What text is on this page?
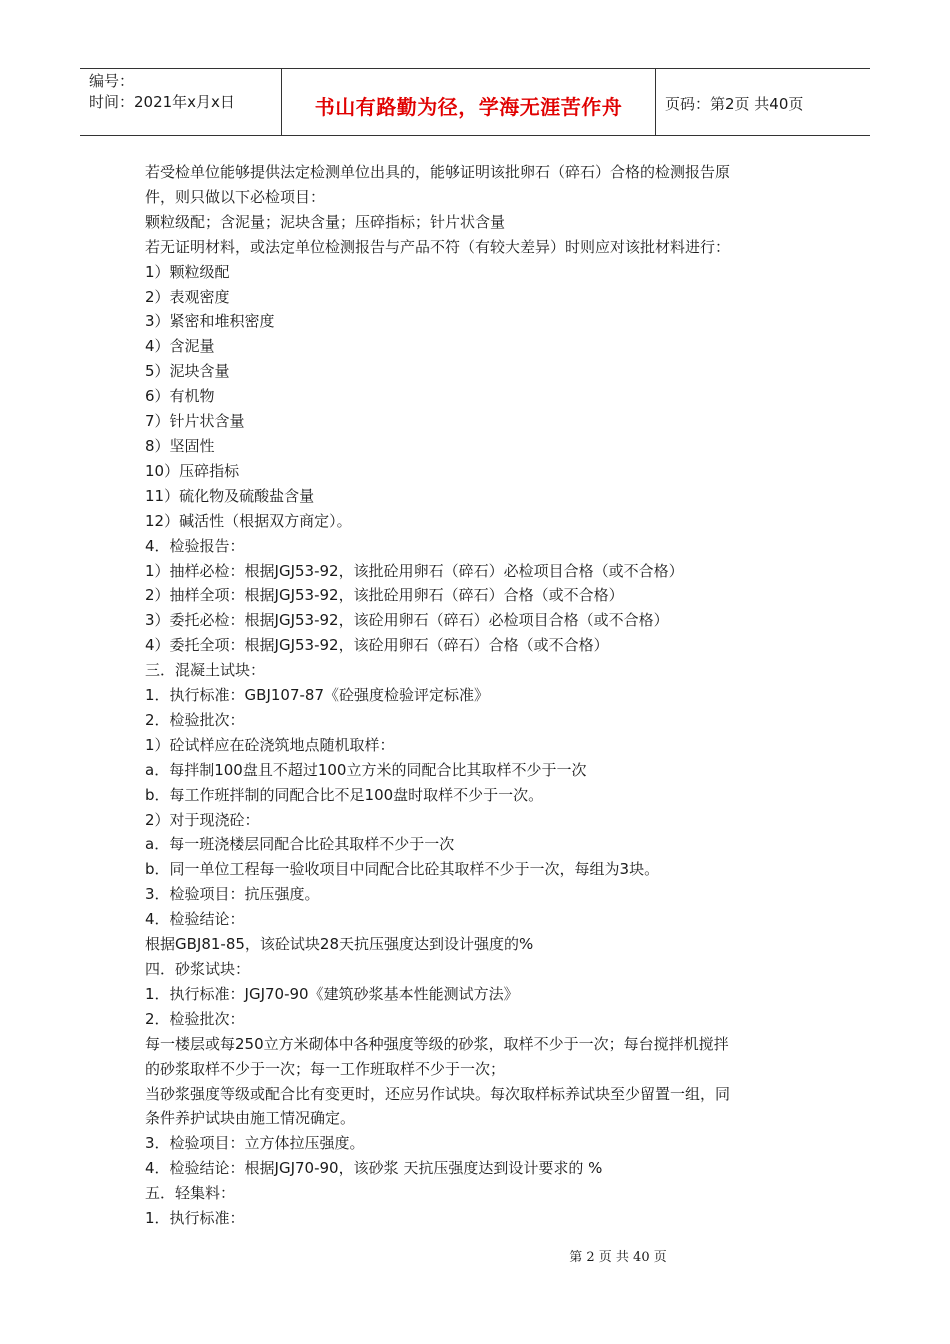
编号：
时间：2021年x月x日	书山有路勤为径，学海无涯苦作舟	页码：第2页 共40页
若受检单位能够提供法定检测单位出具的，能够证明该批卵石（碎石）合格的检测报告原
件，则只做以下必检项目：
颗粒级配；含泥量；泥块含量；压碎指标；针片状含量
若无证明材料，或法定单位检测报告与产品不符（有较大差异）时则应对该批材料进行：
1）颗粒级配
2）表观密度
3）紧密和堆积密度
4）含泥量
5）泥块含量
6）有机物
7）针片状含量
8）坚固性
10）压碎指标
11）硫化物及硫酸盐含量
12）碱活性（根据双方商定）。
4．检验报告：
1）抽样必检：根据JGJ53-92，该批砼用卵石（碎石）必检项目合格（或不合格）
2）抽样全项：根据JGJ53-92，该批砼用卵石（碎石）合格（或不合格）
3）委托必检：根据JGJ53-92，该砼用卵石（碎石）必检项目合格（或不合格）
4）委托全项：根据JGJ53-92，该砼用卵石（碎石）合格（或不合格）
三．混凝土试块：
1．执行标准：GBJ107-87《砼强度检验评定标准》
2．检验批次：
1）砼试样应在砼浇筑地点随机取样：
a．每拌制100盘且不超过100立方米的同配合比其取样不少于一次
b．每工作班拌制的同配合比不足100盘时取样不少于一次。
2）对于现浇砼：
a．每一班浇楼层同配合比砼其取样不少于一次
b．同一单位工程每一验收项目中同配合比砼其取样不少于一次，每组为3块。
3．检验项目：抗压强度。
4．检验结论：
根据GBJ81-85，该砼试块28天抗压强度达到设计强度的%
四．砂浆试块：
1．执行标准：JGJ70-90《建筑砂浆基本性能测试方法》
2．检验批次：
每一楼层或每250立方米砌体中各种强度等级的砂浆，取样不少于一次；每台搅拌机搅拌
的砂浆取样不少于一次；每一工作班取样不少于一次；
当砂浆强度等级或配合比有变更时，还应另作试块。每次取样标养试块至少留置一组，同
条件养护试块由施工情况确定。
3．检验项目：立方体拉压强度。
4．检验结论：根据JGJ70-90，该砂浆 天抗压强度达到设计要求的 %
五．轻集料：
1．执行标准：
第 2 页 共 40 页
